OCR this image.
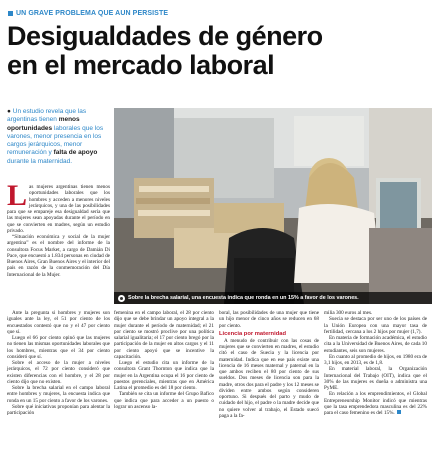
UN GRAVE PROBLEMA QUE AUN PERSISTE
Desigualdades de género
en el mercado laboral
● Un estudio revela que las argentinas tienen menos oportunidades laborales que los varones, menor presencia en los cargos jerárquicos, menor remuneración y falta de apoyo durante la maternidad.
Sobre la brecha salarial, una encuesta indica que ronda en un 15% a favor de los varones.

Las mujeres argentinas tienen menos oportunidades laborales que los hombres y acceden a menores niveles jerárquicos, y una de las posibilidades para que se empareje esa desigualdad sería que las mujeres sean apoyadas durante el período en que se convierten en madres, según un estudio privado.

“Situación económica y social de la mujer argentina” es el nombre del informe de la consultora Focus Market, a cargo de Damián Di Pace, que encuestó a 1.834 personas en ciudad de Buenos Aires, Gran Buenos Aires y el interior del país en razón de la conmemoración del Día Internacional de la Mujer.

Ante la pregunta si hombres y mujeres son iguales ante la ley, el 51 por ciento de los encuestados contestó que no y el 47 por ciento que sí.

Luego el 66 por ciento opinó que las mujeres no tienen las mismas oportunidades laborales que los hombres, mientras que el 34 por ciento consideró que sí.

Sobre el acceso de la mujer a niveles jerárquicos, el 72 por ciento consideró que existen diferencias con el hombre, y el 28 por ciento dijo que no existen.

Sobre la brecha salarial en el campo laboral entre hombres y mujeres, la encuesta indica que ronda en un 15 por ciento a favor de los varones.

Sobre qué iniciativas proponían para alentar la participación

femenina en el campo laboral, el 28 por ciento dijo que se debe brindar un apoyo integral a la mujer durante el período de maternidad; el 21 por ciento se mostró proclive por una política salarial igualitaria; el 17 por ciento bregó por la participación de la mujer en altos cargos y el 11 por ciento apoyó que se incentive la capacitación.

Luego el estudio cita un informe de la consultora Grant Thornton que indica que la mujer en la Argentina ocupa el 16 por ciento de puestos gerenciales, mientras que en América Latina el promedio es del 18 por ciento.

También se cita un informe del Grupo Bafico que indica que para acceder a un puesto o lograr un ascenso la-

boral, las posibilidades de una mujer que tiene un hijo menor de cinco años se reducen en 68 por ciento.

Licencia por maternidad

A menudo de contribuir con las cosas de mujeres que se convierten en madres, el estudio citó el caso de Suecia y la licencia por maternidad. Indica que en ese país existe una licencia de 16 meses maternal y paternal en la que ambos reciben el 80 por ciento de sus sueldos. Dos meses de licencia son para la madre, otros dos para el padre y los 12 meses se dividen entre ambos según consideren oportuno. Si después del parto y mudo de cuidado del hijo, el padre o la madre decide que no quiere volver al trabajo, el Estado suecó paga a la fa-

milia 300 euros al mes.

Suecia se destaca por ser uno de los países de la Unión Europea con una mayor tasa de fertilidad, cercana a los 2 hijos por mujer (1,7).

En materia de formación académica, el estudio cita a la Universidad de Buenos Aires, de cada 10 estudiantes, seis son mujeres.

En cuanto al promedio de hijos, en 1980 era de 3,1 hijos, en 2013, es de 1,8.

En material laboral, la Organización Internacional del Trabajo (OIT), indica que el 30% de las mujeres es dueña o administra una PyME.

En relación a los emprendimientos, el Global Entrepreneurship Monitor indicó que mientras que la tasa emprendedora masculina es del 22% para el caso femenino es del 15%.
